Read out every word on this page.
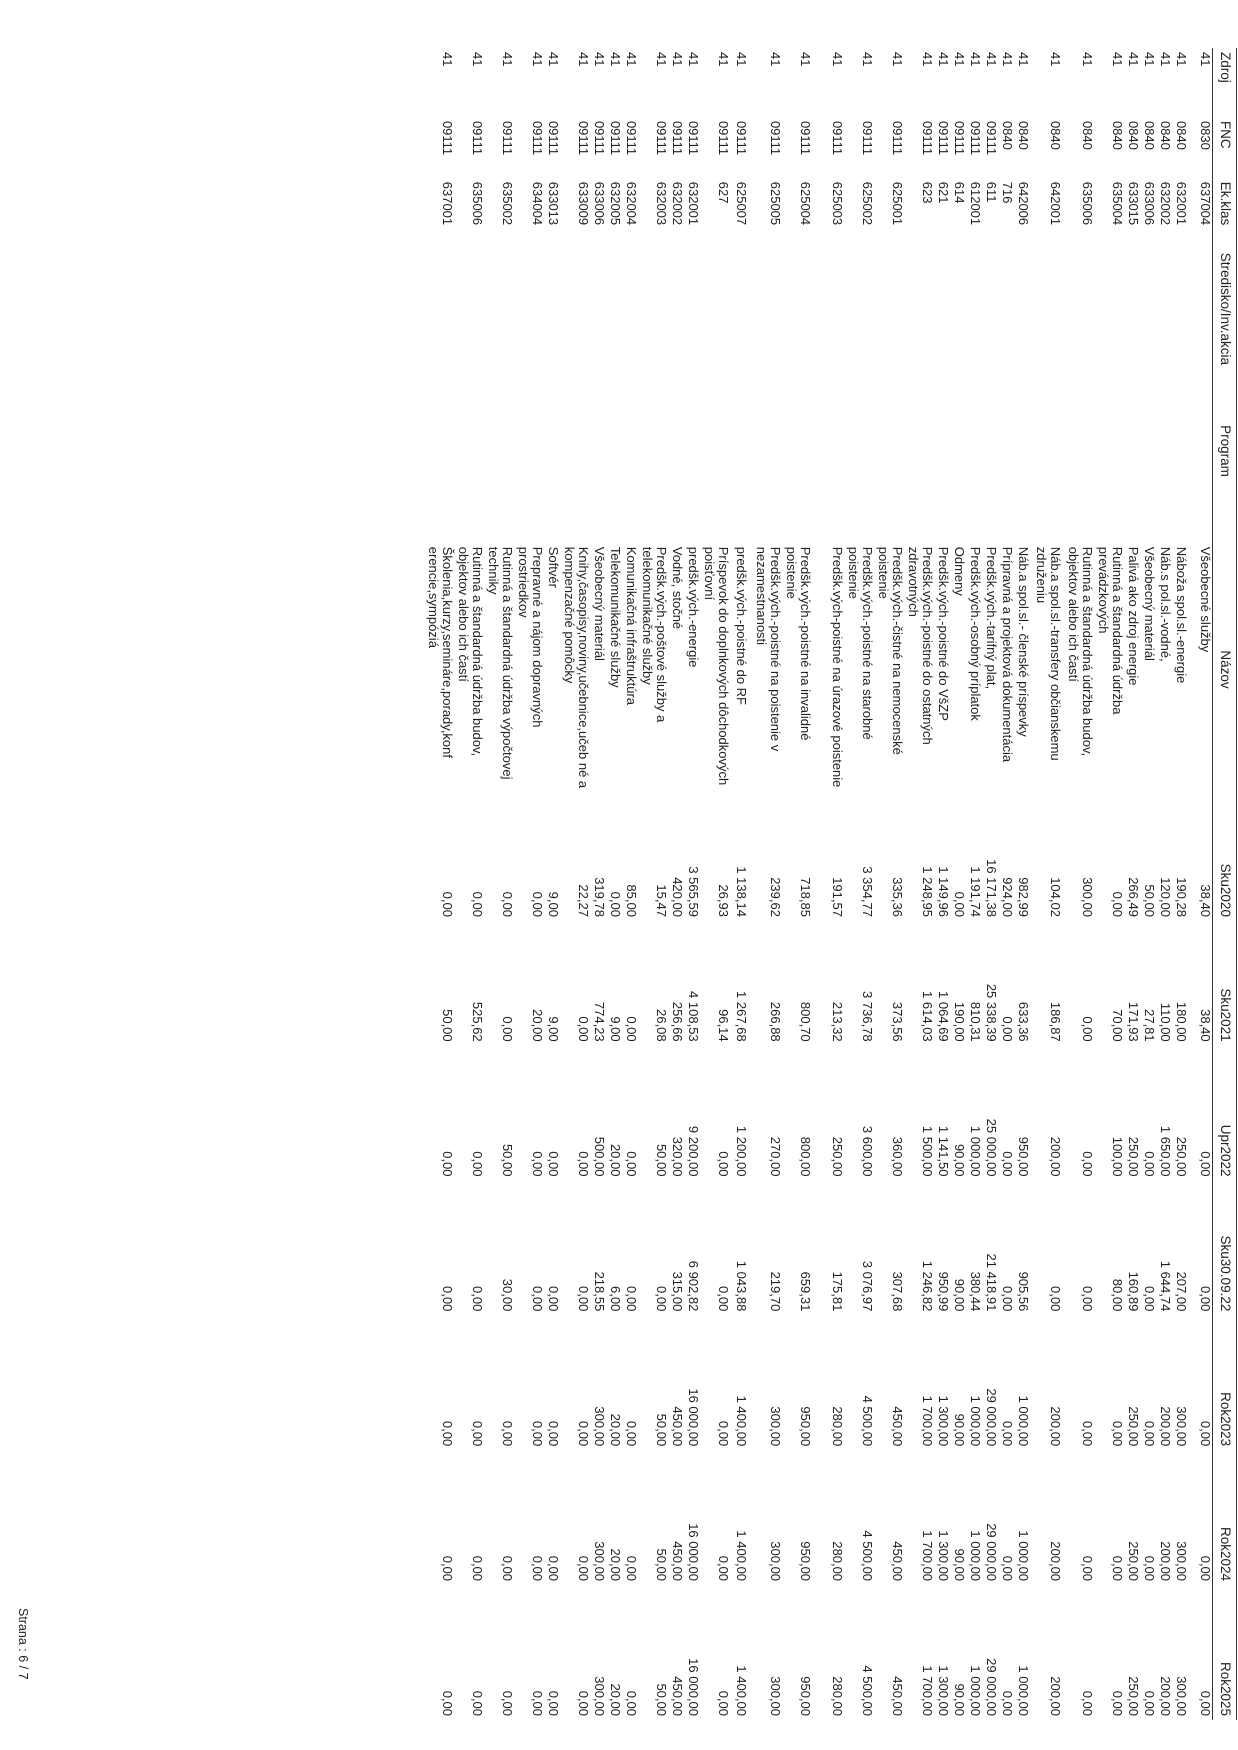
Strana : 6 / 7
Zdroj	FNC	Ek.klas	Stredisko/Inv.akcia	Program	Názov	Sku2020	Sku2021	Upr2022	Sku30.09.22	Rok2023	Rok2024	Rok2025
41	0830	637004			Všeobecné služby	38,40	38,40	0,00	0,00	0,00	0,00	0,00
41	0840	632001			Náboža spol.sl.-energie	190,28	180,00	250,00	207,00	300,00	300,00	300,00
41	0840	632002			Náb.s pol.sl.-vodné,	120,00	110,00	1 650,00	1 644,74	200,00	200,00	200,00
41	0840	633006			Všeobecný materiál	50,00	27,81	0,00	0,00	0,00	0,00	0,00
41	0840	633015			Palivá ako zdroj energie	266,49	171,93	250,00	160,89	250,00	250,00	250,00
41	0840	635004			Rutinná a štandardná údržba prevádzkových	0,00	70,00	100,00	80,00	0,00	0,00	0,00
41	0840	635006			Rutinná a štandardná údržba budov, objektov alebo ich častí	300,00	0,00	0,00	0,00	0,00	0,00	0,00
41	0840	642001			Náb.a spol.sl.-transfery občianskemu združeniu	104,02	186,87	200,00	0,00	200,00	200,00	200,00
41	0840	642006			Náb.a spol.sl.- členské príspevky	982,99	633,36	950,00	905,56	1 000,00	1 000,00	1 000,00
41	0840	716			Prípravná a projektová dokumentácia	924,00	0,00	0,00	0,00	0,00	0,00	0,00
41	09111	611			Predšk.vých.-tarifný plat,	16 171,38	25 338,39	25 000,00	21 418,91	29 000,00	29 000,00	29 000,00
41	09111	612001			Predšk.vých.-osobný príplatok	1 191,74	810,31	1 000,00	380,44	1 000,00	1 000,00	1 000,00
41	09111	614			Odmeny	0,00	190,00	90,00	90,00	90,00	90,00	90,00
41	09111	621			Predšk.vých.-poistné do VšZP	1 149,96	1 064,69	1 141,50	950,99	1 300,00	1 300,00	1 300,00
41	09111	623			Predšk.vých.-poistné do ostatných zdravotných	1 248,95	1 614,03	1 500,00	1 246,82	1 700,00	1 700,00	1 700,00
41	09111	625001			Predšk.vých.-čistné na nemocenské poistenie	335,36	373,56	360,00	307,68	450,00	450,00	450,00
41	09111	625002			Predšk.vých.-poistné na starobné poistenie	3 354,77	3 736,78	3 600,00	3 076,97	4 500,00	4 500,00	4 500,00
41	09111	625003			Predšk.vých-poistné na úrazové poistenie	191,57	213,32	250,00	175,81	280,00	280,00	280,00
41	09111	625004			Predšk.vých.-poistné na invalidné poistenie	718,85	800,70	800,00	659,31	950,00	950,00	950,00
41	09111	625005			Predšk.vých.-poistné na poistenie v nezamestnanosti	239,62	266,88	270,00	219,70	300,00	300,00	300,00
41	09111	625007			predšk.vých.-poistné do RF	1 138,14	1 267,68	1 200,00	1 043,88	1 400,00	1 400,00	1 400,00
41	09111	627			Príspevok do doplnkových dôchodkových poisťovní	26,93	96,14	0,00	0,00	0,00	0,00	0,00
41	09111	632001			predšk.vých.-energie	3 565,59	4 108,53	9 200,00	6 902,82	16 000,00	16 000,00	16 000,00
41	09111	632002			Vodné, stočné	420,00	256,66	320,00	315,00	450,00	450,00	450,00
41	09111	632003			Predšk.vých.-poštové služby a telekomunikačné služby	15,47	26,08	50,00	0,00	50,00	50,00	50,00
41	09111	632004			Komunikačná infraštruktúra	85,00	0,00	0,00	0,00	0,00	0,00	0,00
41	09111	632005			Telekomunikačné služby	0,00	9,00	20,00	6,00	20,00	20,00	20,00
41	09111	633006			Všeobecný materiál	319,78	774,23	500,00	218,55	300,00	300,00	300,00
41	09111	633009			Knihy,časopisy,noviny,učebnice,učeb né a kompenzačné pomôcky	22,27	0,00	0,00	0,00	0,00	0,00	0,00
41	09111	633013			Softvér	9,00	9,00	0,00	0,00	0,00	0,00	0,00
41	09111	634004			Prepravné a nájom dopravných prostriedkov	0,00	20,00	0,00	0,00	0,00	0,00	0,00
41	09111	635002			Rutinná a štandardná údržba výpočtovej techniky	0,00	0,00	50,00	30,00	0,00	0,00	0,00
41	09111	635006			Rutinná a štandardná údržba budov, objektov alebo ich častí	0,00	525,62	0,00	0,00	0,00	0,00	0,00
41	09111	637001			Školenia,kurzy,semináre,porady,konf erencie,sympóziá	0,00	50,00	0,00	0,00	0,00	0,00	0,00
